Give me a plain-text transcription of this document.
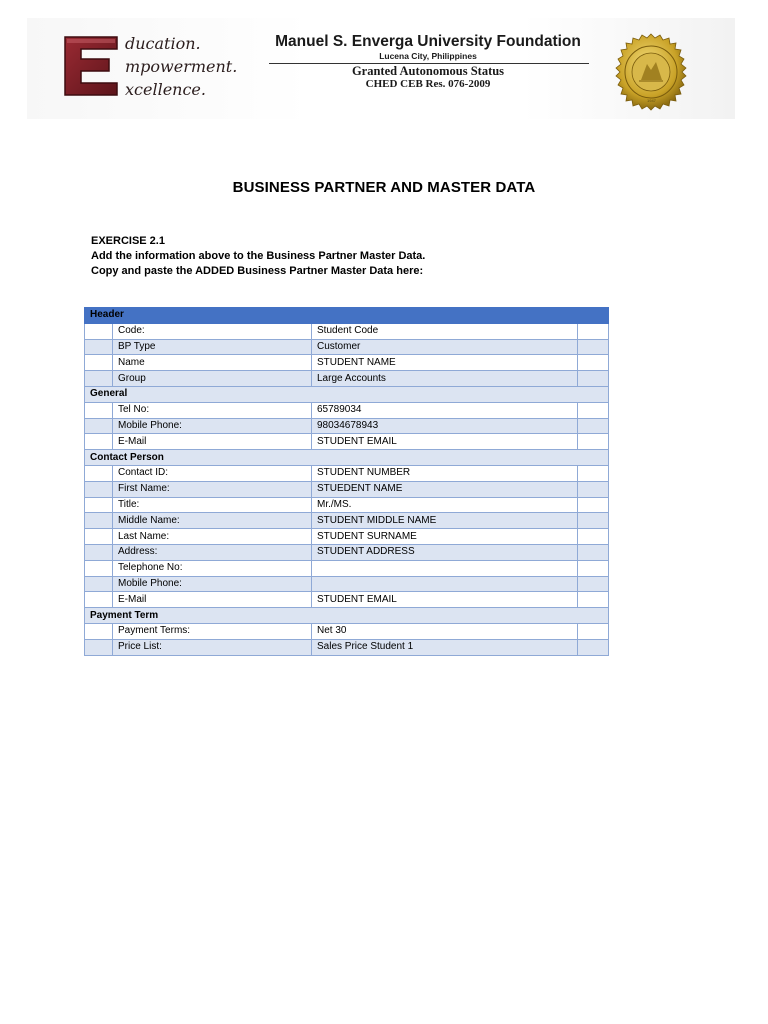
ducation.
mpowerment.
xcellence.
Manuel S. Enverga University Foundation
Lucena City, Philippines
Granted Autonomous Status
CHED CEB Res. 076-2009
1947
BUSINESS PARTNER AND MASTER DATA
EXERCISE 2.1
Add the information above to the Business Partner Master Data.
Copy and paste the ADDED Business Partner Master Data here:
Header			
	Code:	Student Code	
	BP Type	Customer	
	Name	STUDENT NAME	
	Group	Large Accounts	
General			
	Tel No:	65789034	
	Mobile Phone:	98034678943	
	E-Mail	STUDENT EMAIL	
Contact Person			
	Contact ID:	STUDENT NUMBER	
	First Name:	STUEDENT NAME	
	Title:	Mr./MS.	
	Middle Name:	STUDENT MIDDLE NAME	
	Last Name:	STUDENT SURNAME	
	Address:	STUDENT ADDRESS	
	Telephone No:		
	Mobile Phone:		
	E-Mail	STUDENT EMAIL	
Payment Term			
	Payment Terms:	Net 30	
	Price List:	Sales Price Student 1	
